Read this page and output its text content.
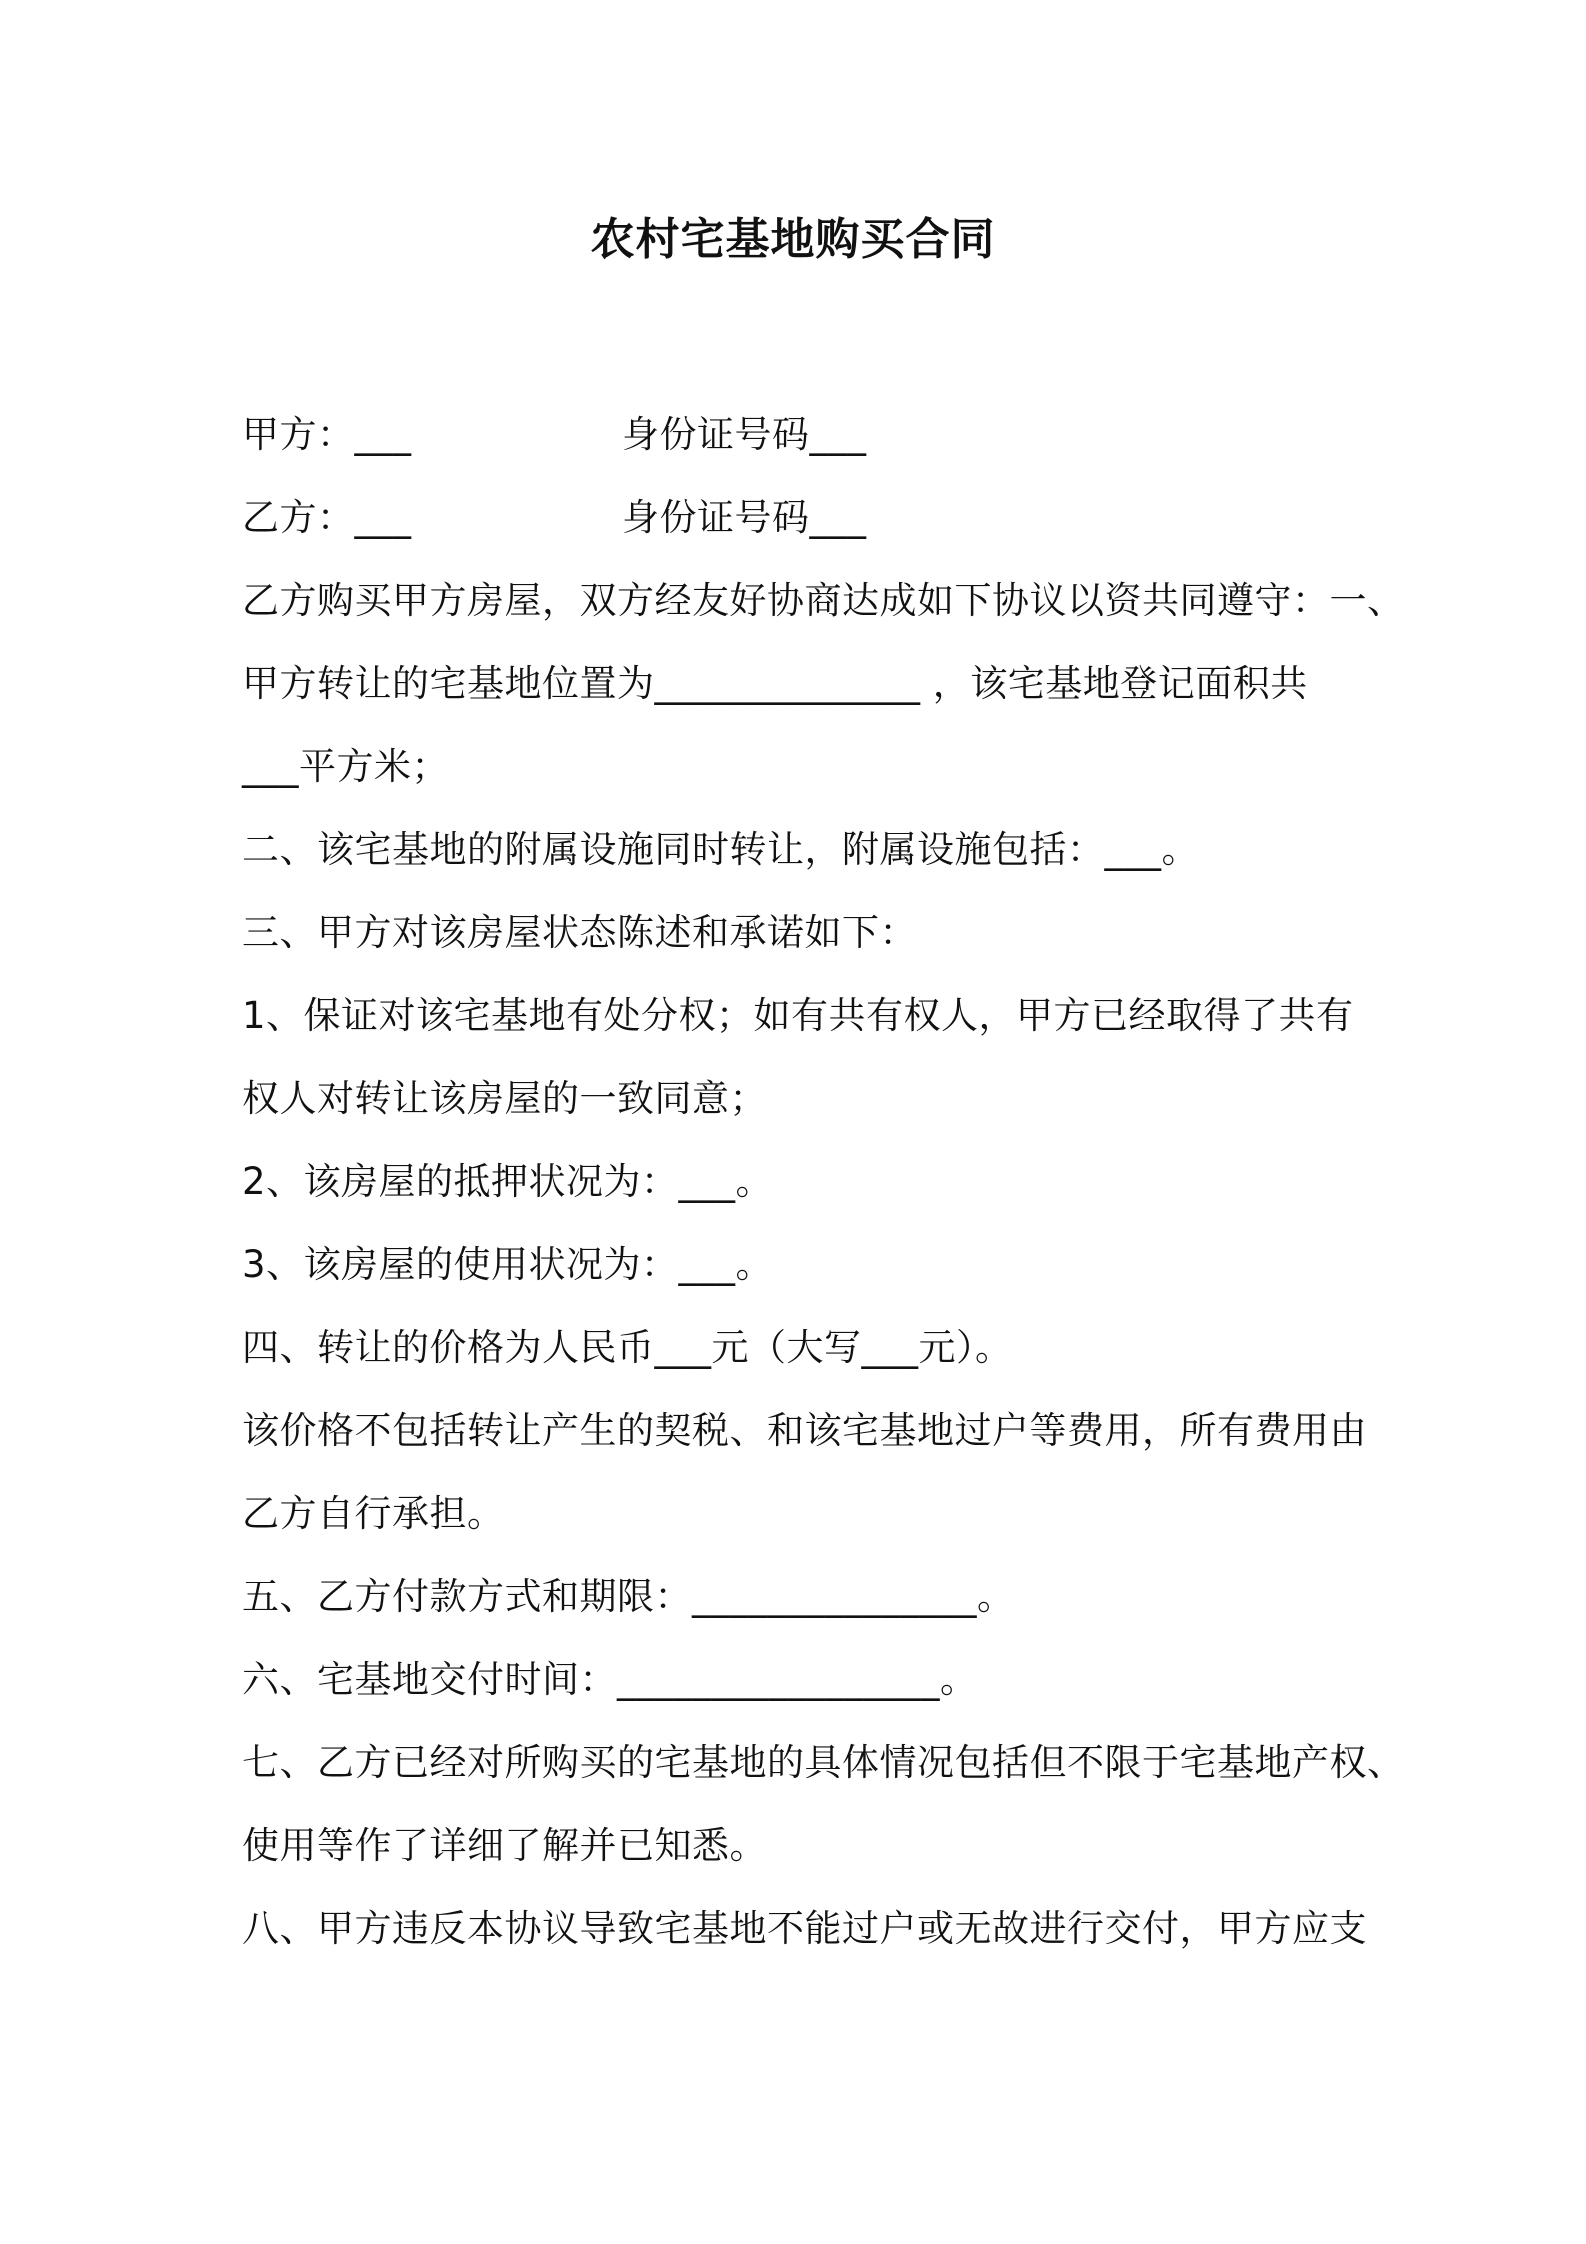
农村宅基地购买合同
甲方：___	身份证号码___
乙方：___	身份证号码___
乙方购买甲方房屋，双方经友好协商达成如下协议以资共同遵守：一、
甲方转让的宅基地位置为______________ ，该宅基地登记面积共
___平方米；
二、该宅基地的附属设施同时转让，附属设施包括：___。
三、甲方对该房屋状态陈述和承诺如下：
1、保证对该宅基地有处分权；如有共有权人，甲方已经取得了共有
权人对转让该房屋的一致同意；
2、该房屋的抵押状况为：___。
3、该房屋的使用状况为：___。
四、转让的价格为人民币___元（大写___元）。
该价格不包括转让产生的契税、和该宅基地过户等费用，所有费用由
乙方自行承担。
五、乙方付款方式和期限：_______________。
六、宅基地交付时间：_________________。
七、乙方已经对所购买的宅基地的具体情况包括但不限于宅基地产权、
使用等作了详细了解并已知悉。
八、甲方违反本协议导致宅基地不能过户或无故进行交付，甲方应支
